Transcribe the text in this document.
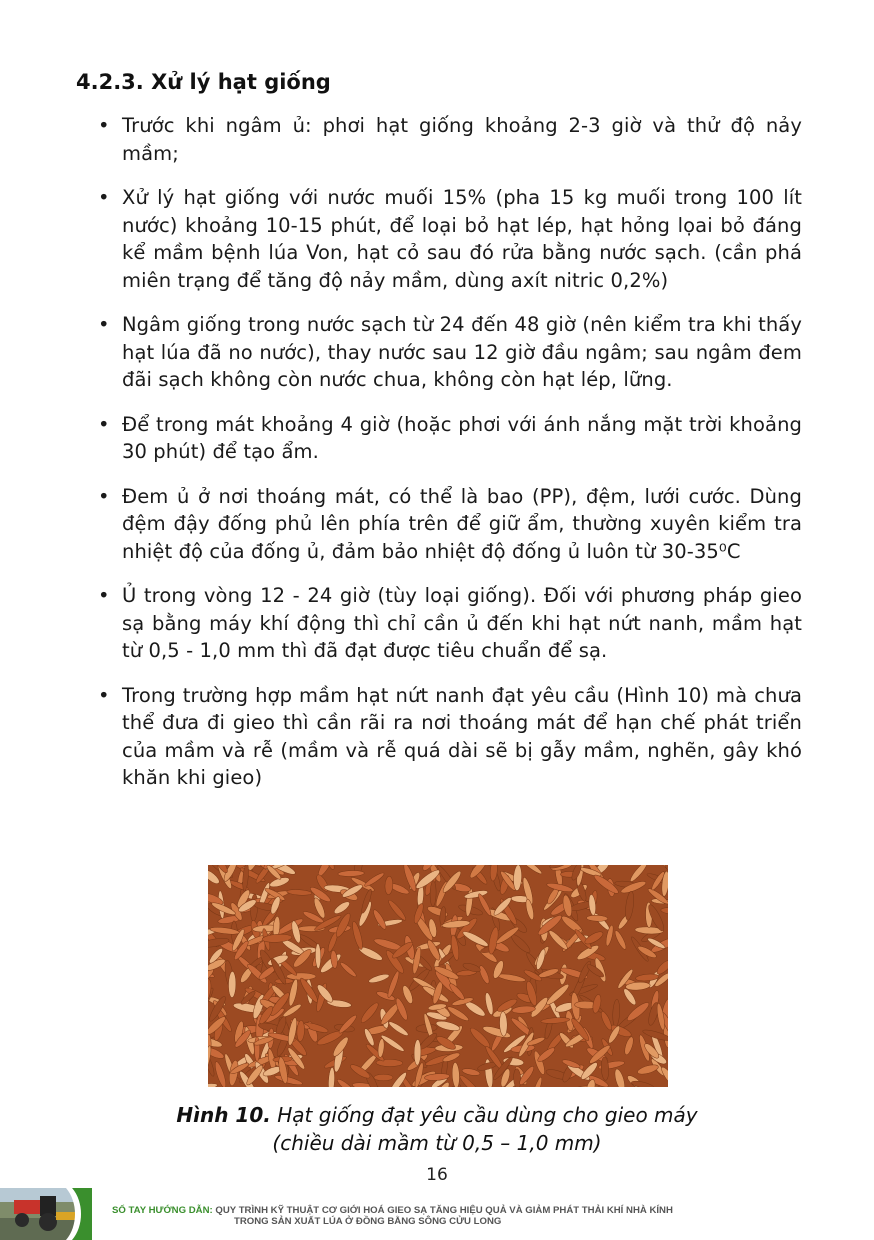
4.2.3. Xử lý hạt giống
• Trước khi ngâm ủ: phơi hạt giống khoảng 2-3 giờ và thử độ nảy mầm;
• Xử lý hạt giống với nước muối 15% (pha 15 kg muối trong 100 lít nước) khoảng 10-15 phút, để loại bỏ hạt lép, hạt hỏng lọai bỏ đáng kể mầm bệnh lúa Von, hạt cỏ sau đó rửa bằng nước sạch. (cần phá miên trạng để tăng độ nảy mầm, dùng axít nitric 0,2%)
• Ngâm giống trong nước sạch từ 24 đến 48 giờ (nên kiểm tra khi thấy hạt lúa đã no nước), thay nước sau 12 giờ đầu ngâm; sau ngâm đem đãi sạch không còn nước chua, không còn hạt lép, lững.
• Để trong mát khoảng 4 giờ (hoặc phơi với ánh nắng mặt trời khoảng 30 phút) để tạo ẩm.
• Đem ủ ở nơi thoáng mát, có thể là bao (PP), đệm, lưới cước. Dùng đệm đậy đống phủ lên phía trên để giữ ẩm, thường xuyên kiểm tra nhiệt độ của đống ủ, đảm bảo nhiệt độ đống ủ luôn từ 30-35⁰C
• Ủ trong vòng 12 - 24 giờ (tùy loại giống). Đối với phương pháp gieo sạ bằng máy khí động thì chỉ cần ủ đến khi hạt nứt nanh, mầm hạt từ 0,5 - 1,0 mm thì đã đạt được tiêu chuẩn để sạ.
• Trong trường hợp mầm hạt nứt nanh đạt yêu cầu (Hình 10) mà chưa thể đưa đi gieo thì cần rãi ra nơi thoáng mát để hạn chế phát triển của mầm và rễ (mầm và rễ quá dài sẽ bị gẫy mầm, nghẽn, gây khó khăn khi gieo)
Hình 10. Hạt giống đạt yêu cầu dùng cho gieo máy
(chiều dài mầm từ 0,5 – 1,0 mm)
16
SỔ TAY HƯỚNG DẪN: QUY TRÌNH KỸ THUẬT CƠ GIỚI HOÁ GIEO SẠ TĂNG HIỆU QUẢ VÀ GIẢM PHÁT THẢI KHÍ NHÀ KÍNH
TRONG SẢN XUẤT LÚA Ở ĐỒNG BẰNG SÔNG CỬU LONG
